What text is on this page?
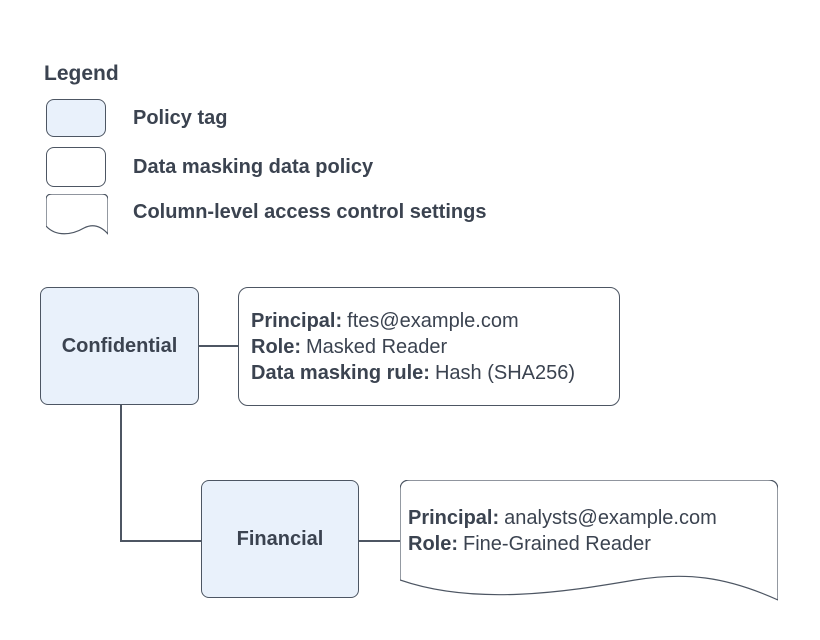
Legend
Policy tag
Data masking data policy
Column-level access control settings
Confidential
Principal: ftes@example.com
Role: Masked Reader
Data masking rule: Hash (SHA256)
Financial
Principal: analysts@example.com
Role: Fine-Grained Reader
